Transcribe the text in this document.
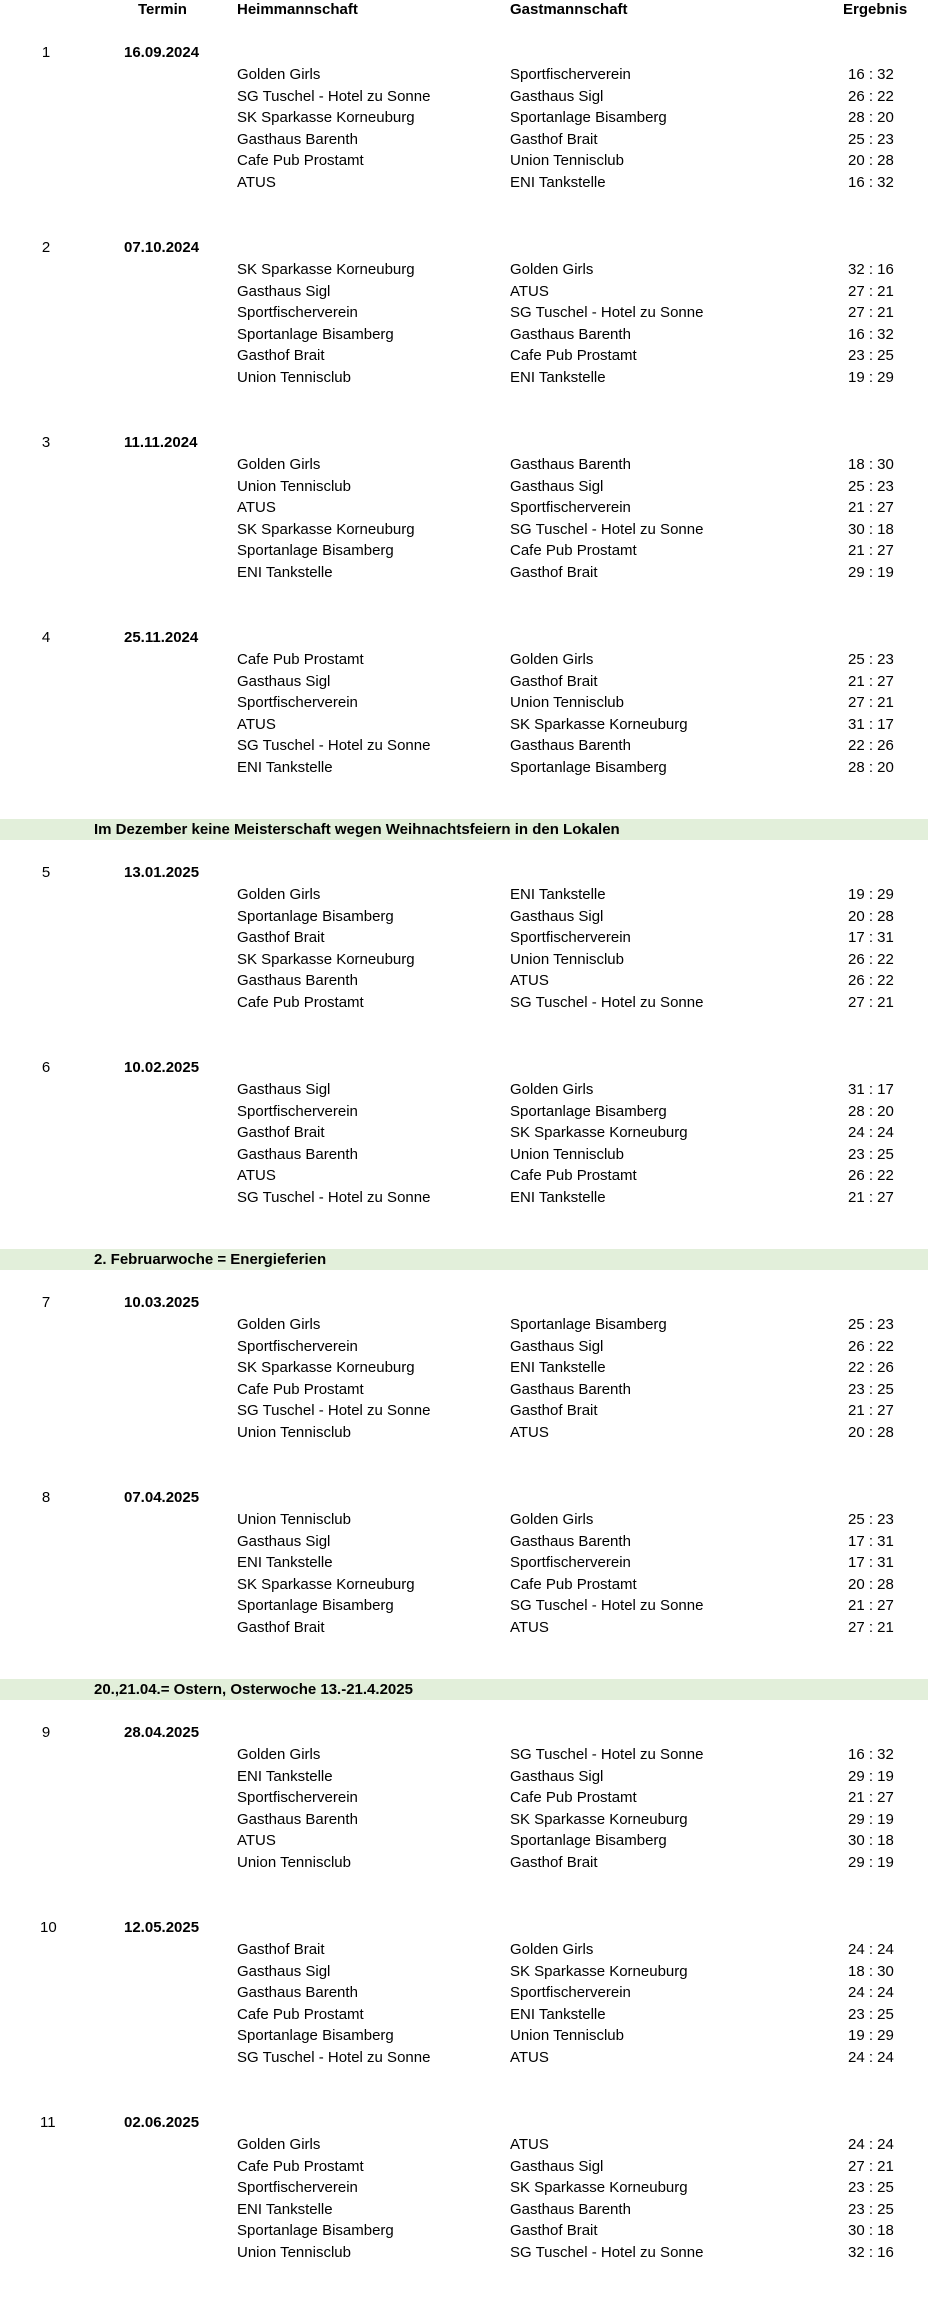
Termin	Heimmannschaft	Gastmannschaft	Ergebnis
1	16.09.2024
Golden Girls	Sportfischerverein	16 : 32
SG Tuschel - Hotel zu Sonne	Gasthaus Sigl	26 : 22
SK Sparkasse Korneuburg	Sportanlage Bisamberg	28 : 20
Gasthaus Barenth	Gasthof Brait	25 : 23
Cafe Pub Prostamt	Union Tennisclub	20 : 28
ATUS	ENI Tankstelle	16 : 32
2	07.10.2024
SK Sparkasse Korneuburg	Golden Girls	32 : 16
Gasthaus Sigl	ATUS	27 : 21
Sportfischerverein	SG Tuschel - Hotel zu Sonne	27 : 21
Sportanlage Bisamberg	Gasthaus Barenth	16 : 32
Gasthof Brait	Cafe Pub Prostamt	23 : 25
Union Tennisclub	ENI Tankstelle	19 : 29
3	11.11.2024
Golden Girls	Gasthaus Barenth	18 : 30
Union Tennisclub	Gasthaus Sigl	25 : 23
ATUS	Sportfischerverein	21 : 27
SK Sparkasse Korneuburg	SG Tuschel - Hotel zu Sonne	30 : 18
Sportanlage Bisamberg	Cafe Pub Prostamt	21 : 27
ENI Tankstelle	Gasthof Brait	29 : 19
4	25.11.2024
Cafe Pub Prostamt	Golden Girls	25 : 23
Gasthaus Sigl	Gasthof Brait	21 : 27
Sportfischerverein	Union Tennisclub	27 : 21
ATUS	SK Sparkasse Korneuburg	31 : 17
SG Tuschel - Hotel zu Sonne	Gasthaus Barenth	22 : 26
ENI Tankstelle	Sportanlage Bisamberg	28 : 20
Im Dezember keine Meisterschaft wegen Weihnachtsfeiern in den Lokalen
5	13.01.2025
Golden Girls	ENI Tankstelle	19 : 29
Sportanlage Bisamberg	Gasthaus Sigl	20 : 28
Gasthof Brait	Sportfischerverein	17 : 31
SK Sparkasse Korneuburg	Union Tennisclub	26 : 22
Gasthaus Barenth	ATUS	26 : 22
Cafe Pub Prostamt	SG Tuschel - Hotel zu Sonne	27 : 21
6	10.02.2025
Gasthaus Sigl	Golden Girls	31 : 17
Sportfischerverein	Sportanlage Bisamberg	28 : 20
Gasthof Brait	SK Sparkasse Korneuburg	24 : 24
Gasthaus Barenth	Union Tennisclub	23 : 25
ATUS	Cafe Pub Prostamt	26 : 22
SG Tuschel - Hotel zu Sonne	ENI Tankstelle	21 : 27
2. Februarwoche = Energieferien
7	10.03.2025
Golden Girls	Sportanlage Bisamberg	25 : 23
Sportfischerverein	Gasthaus Sigl	26 : 22
SK Sparkasse Korneuburg	ENI Tankstelle	22 : 26
Cafe Pub Prostamt	Gasthaus Barenth	23 : 25
SG Tuschel - Hotel zu Sonne	Gasthof Brait	21 : 27
Union Tennisclub	ATUS	20 : 28
8	07.04.2025
Union Tennisclub	Golden Girls	25 : 23
Gasthaus Sigl	Gasthaus Barenth	17 : 31
ENI Tankstelle	Sportfischerverein	17 : 31
SK Sparkasse Korneuburg	Cafe Pub Prostamt	20 : 28
Sportanlage Bisamberg	SG Tuschel - Hotel zu Sonne	21 : 27
Gasthof Brait	ATUS	27 : 21
20.,21.04.= Ostern, Osterwoche 13.-21.4.2025
9	28.04.2025
Golden Girls	SG Tuschel - Hotel zu Sonne	16 : 32
ENI Tankstelle	Gasthaus Sigl	29 : 19
Sportfischerverein	Cafe Pub Prostamt	21 : 27
Gasthaus Barenth	SK Sparkasse Korneuburg	29 : 19
ATUS	Sportanlage Bisamberg	30 : 18
Union Tennisclub	Gasthof Brait	29 : 19
10	12.05.2025
Gasthof Brait	Golden Girls	24 : 24
Gasthaus Sigl	SK Sparkasse Korneuburg	18 : 30
Gasthaus Barenth	Sportfischerverein	24 : 24
Cafe Pub Prostamt	ENI Tankstelle	23 : 25
Sportanlage Bisamberg	Union Tennisclub	19 : 29
SG Tuschel - Hotel zu Sonne	ATUS	24 : 24
11	02.06.2025
Golden Girls	ATUS	24 : 24
Cafe Pub Prostamt	Gasthaus Sigl	27 : 21
Sportfischerverein	SK Sparkasse Korneuburg	23 : 25
ENI Tankstelle	Gasthaus Barenth	23 : 25
Sportanlage Bisamberg	Gasthof Brait	30 : 18
Union Tennisclub	SG Tuschel - Hotel zu Sonne	32 : 16
